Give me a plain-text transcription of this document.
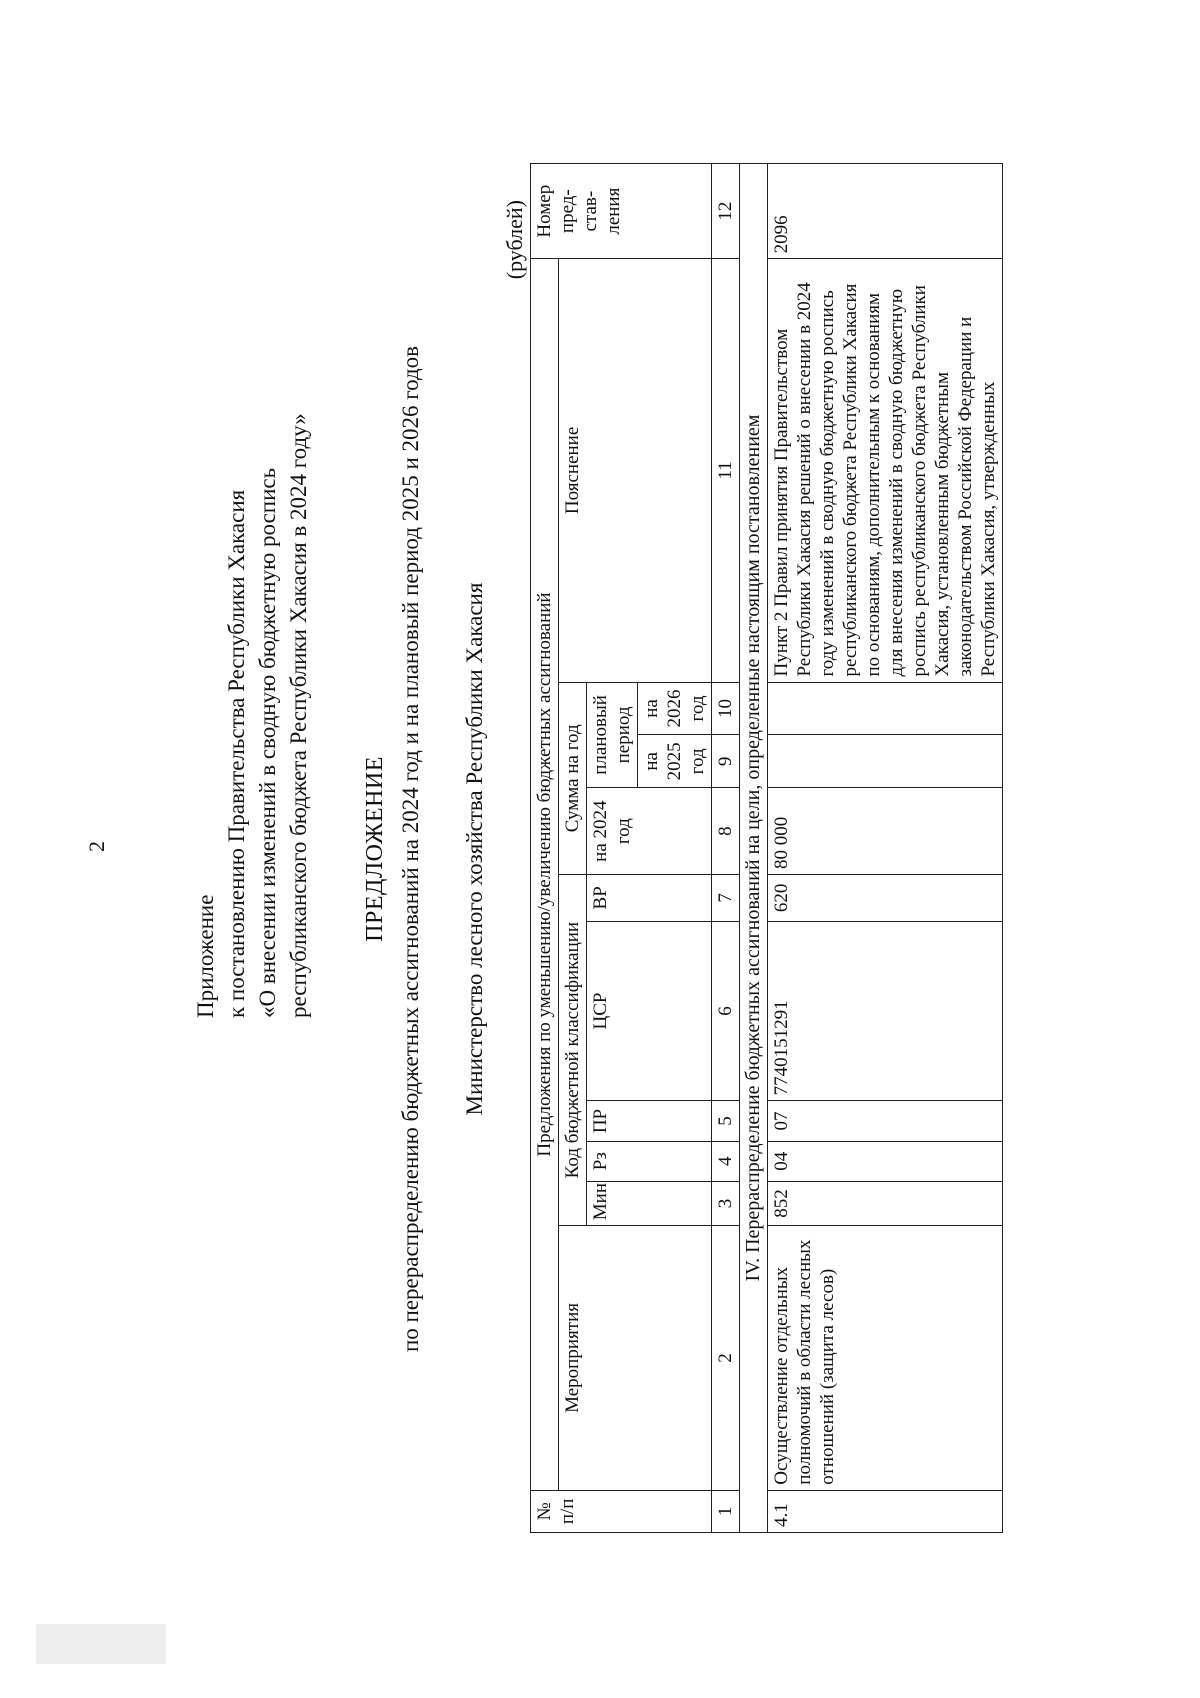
2
Приложение к постановлению Правительства Республики Хакасия «О внесении изменений в сводную бюджетную роспись республиканского бюджета Республики Хакасия в 2024 году» ПРЕДЛОЖЕНИЕ по перераспределению бюджетных ассигнований на 2024 год и на плановый период 2025 и 2026 годов Министерство лесного хозяйства Республики Хакасия
(рублей)
№ п/п	Предложения по уменьшению/увеличению бюджетных ассигнований										Номер пред-став-ления
	Мероприятия	Код бюджетной классификации					Сумма на год			Пояснение	
		Мин	Рз	ПР	ЦСР	ВР	на 2024 год	плановый период			
								на 2025 год	на 2026 год		
1	2	3	4	5	6	7	8	9	10	11	12
IV. Перераспределение бюджетных ассигнований на цели, определенные настоящим постановлением											
4.1	Осуществление отдельных полномочий в области лесных отношений (защита лесов)	852	04	07	7740151291	620	80 000			Пункт 2 Правил принятия Правительством Республики Хакасия решений о внесении в 2024 году изменений в сводную бюджетную роспись республиканского бюджета Республики Хакасия по основаниям, дополнительным к основаниям для внесения изменений в сводную бюджетную роспись республиканского бюджета Республики Хакасия, установленным бюджетным законодательством Российской Федерации и Республики Хакасия, утвержденных	2096
